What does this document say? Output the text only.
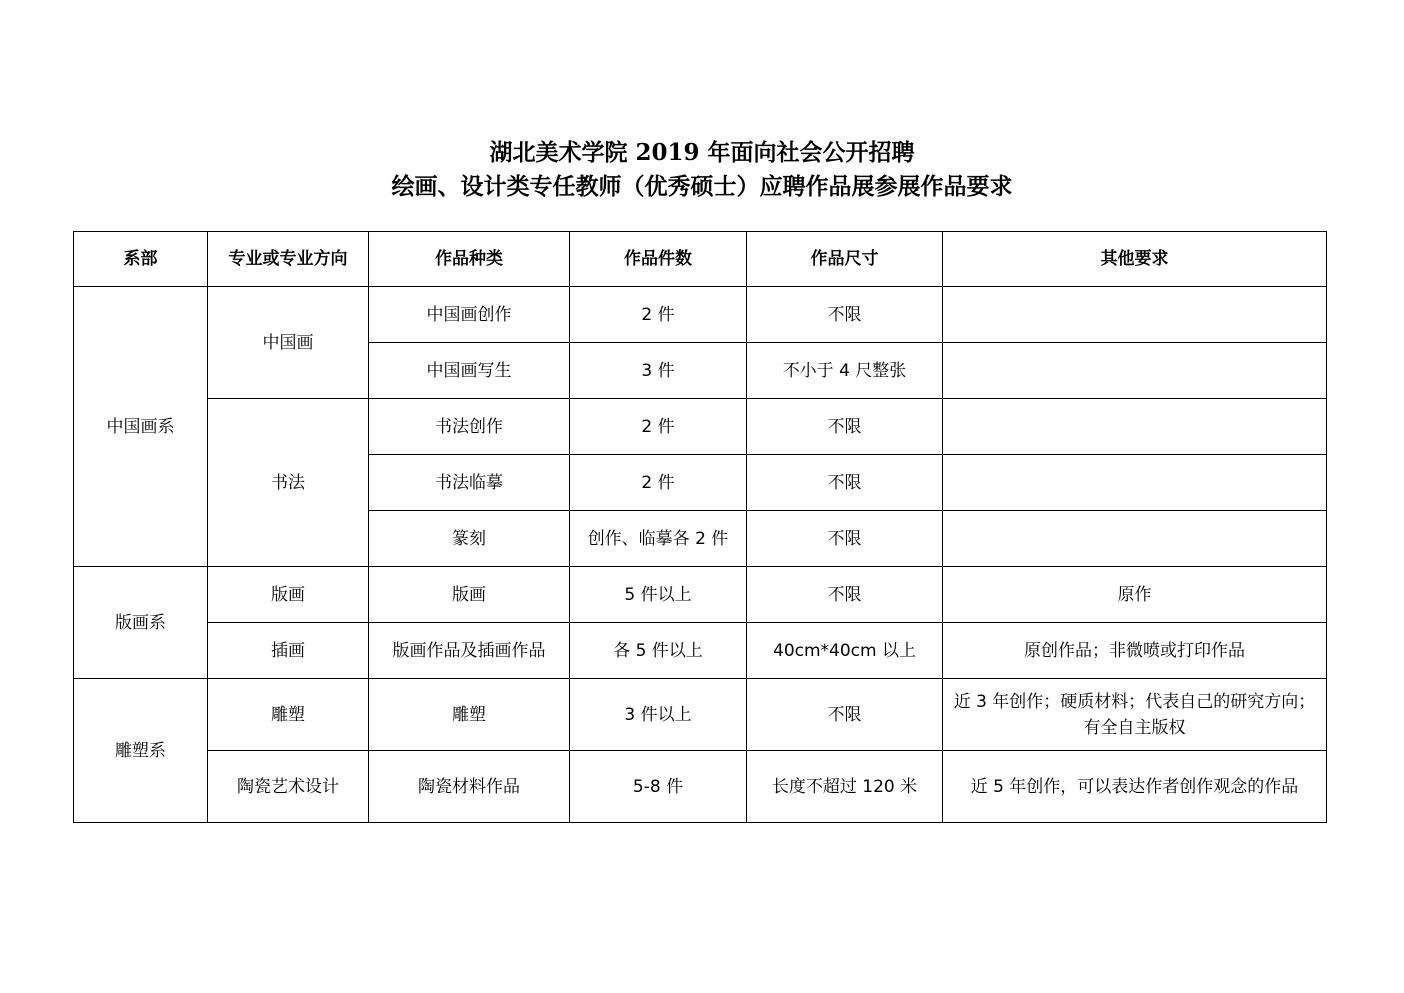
湖北美术学院 2019 年面向社会公开招聘
绘画、设计类专任教师（优秀硕士）应聘作品展参展作品要求
系部	专业或专业方向	作品种类	作品件数	作品尺寸	其他要求
中国画系	中国画	中国画创作	2 件	不限	
		中国画写生	3 件	不小于 4 尺整张	
	书法	书法创作	2 件	不限	
		书法临摹	2 件	不限	
		篆刻	创作、临摹各 2 件	不限	
版画系	版画	版画	5 件以上	不限	原作
	插画	版画作品及插画作品	各 5 件以上	40cm*40cm 以上	原创作品；非微喷或打印作品
雕塑系	雕塑	雕塑	3 件以上	不限	近 3 年创作；硬质材料；代表自己的研究方向；有全自主版权
	陶瓷艺术设计	陶瓷材料作品	5-8 件	长度不超过 120 米	近 5 年创作，可以表达作者创作观念的作品
